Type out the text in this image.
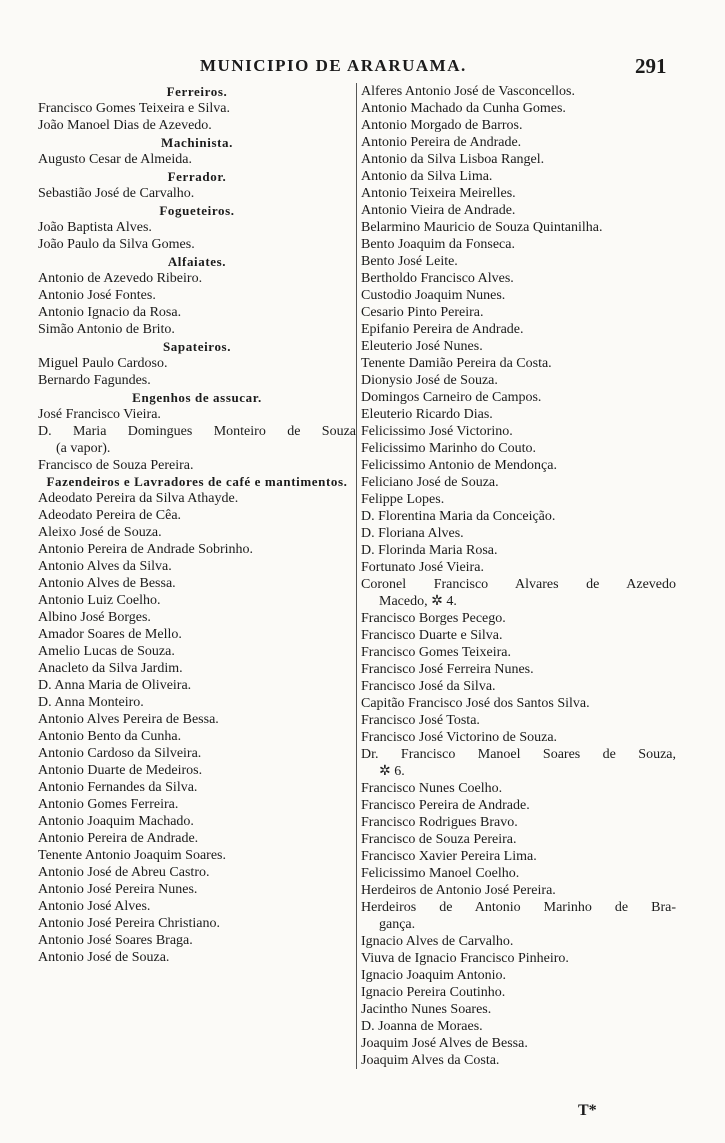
MUNICIPIO DE ARARUAMA.	291
Ferreiros.
Francisco Gomes Teixeira e Silva.
João Manoel Dias de Azevedo.
Machinista.
Augusto Cesar de Almeida.
Ferrador.
Sebastião José de Carvalho.
Fogueteiros.
João Baptista Alves.
João Paulo da Silva Gomes.
Alfaiates.
Antonio de Azevedo Ribeiro.
Antonio José Fontes.
Antonio Ignacio da Rosa.
Simão Antonio de Brito.
Sapateiros.
Miguel Paulo Cardoso.
Bernardo Fagundes.
Engenhos de assucar.
José Francisco Vieira.
D. Maria Domingues Monteiro de Souza
(a vapor).
Francisco de Souza Pereira.
Fazendeiros e Lavradores de café e mantimentos.
Adeodato Pereira da Silva Athayde.
Adeodato Pereira de Cêa.
Aleixo José de Souza.
Antonio Pereira de Andrade Sobrinho.
Antonio Alves da Silva.
Antonio Alves de Bessa.
Antonio Luiz Coelho.
Albino José Borges.
Amador Soares de Mello.
Amelio Lucas de Souza.
Anacleto da Silva Jardim.
D. Anna Maria de Oliveira.
D. Anna Monteiro.
Antonio Alves Pereira de Bessa.
Antonio Bento da Cunha.
Antonio Cardoso da Silveira.
Antonio Duarte de Medeiros.
Antonio Fernandes da Silva.
Antonio Gomes Ferreira.
Antonio Joaquim Machado.
Antonio Pereira de Andrade.
Tenente Antonio Joaquim Soares.
Antonio José de Abreu Castro.
Antonio José Pereira Nunes.
Antonio José Alves.
Antonio José Pereira Christiano.
Antonio José Soares Braga.
Antonio José de Souza.
Alferes Antonio José de Vasconcellos.
Antonio Machado da Cunha Gomes.
Antonio Morgado de Barros.
Antonio Pereira de Andrade.
Antonio da Silva Lisboa Rangel.
Antonio da Silva Lima.
Antonio Teixeira Meirelles.
Antonio Vieira de Andrade.
Belarmino Mauricio de Souza Quintanilha.
Bento Joaquim da Fonseca.
Bento José Leite.
Bertholdo Francisco Alves.
Custodio Joaquim Nunes.
Cesario Pinto Pereira.
Epifanio Pereira de Andrade.
Eleuterio José Nunes.
Tenente Damião Pereira da Costa.
Dionysio José de Souza.
Domingos Carneiro de Campos.
Eleuterio Ricardo Dias.
Felicissimo José Victorino.
Felicissimo Marinho do Couto.
Felicissimo Antonio de Mendonça.
Feliciano José de Souza.
Felippe Lopes.
D. Florentina Maria da Conceição.
D. Floriana Alves.
D. Florinda Maria Rosa.
Fortunato José Vieira.
Coronel Francisco Alvares de Azevedo
Macedo, ✲ 4.
Francisco Borges Pecego.
Francisco Duarte e Silva.
Francisco Gomes Teixeira.
Francisco José Ferreira Nunes.
Francisco José da Silva.
Capitão Francisco José dos Santos Silva.
Francisco José Tosta.
Francisco José Victorino de Souza.
Dr. Francisco Manoel Soares de Souza,
✲ 6.
Francisco Nunes Coelho.
Francisco Pereira de Andrade.
Francisco Rodrigues Bravo.
Francisco de Souza Pereira.
Francisco Xavier Pereira Lima.
Felicissimo Manoel Coelho.
Herdeiros de Antonio José Pereira.
Herdeiros de Antonio Marinho de Bra-
gança.
Ignacio Alves de Carvalho.
Viuva de Ignacio Francisco Pinheiro.
Ignacio Joaquim Antonio.
Ignacio Pereira Coutinho.
Jacintho Nunes Soares.
D. Joanna de Moraes.
Joaquim José Alves de Bessa.
Joaquim Alves da Costa.
T*
